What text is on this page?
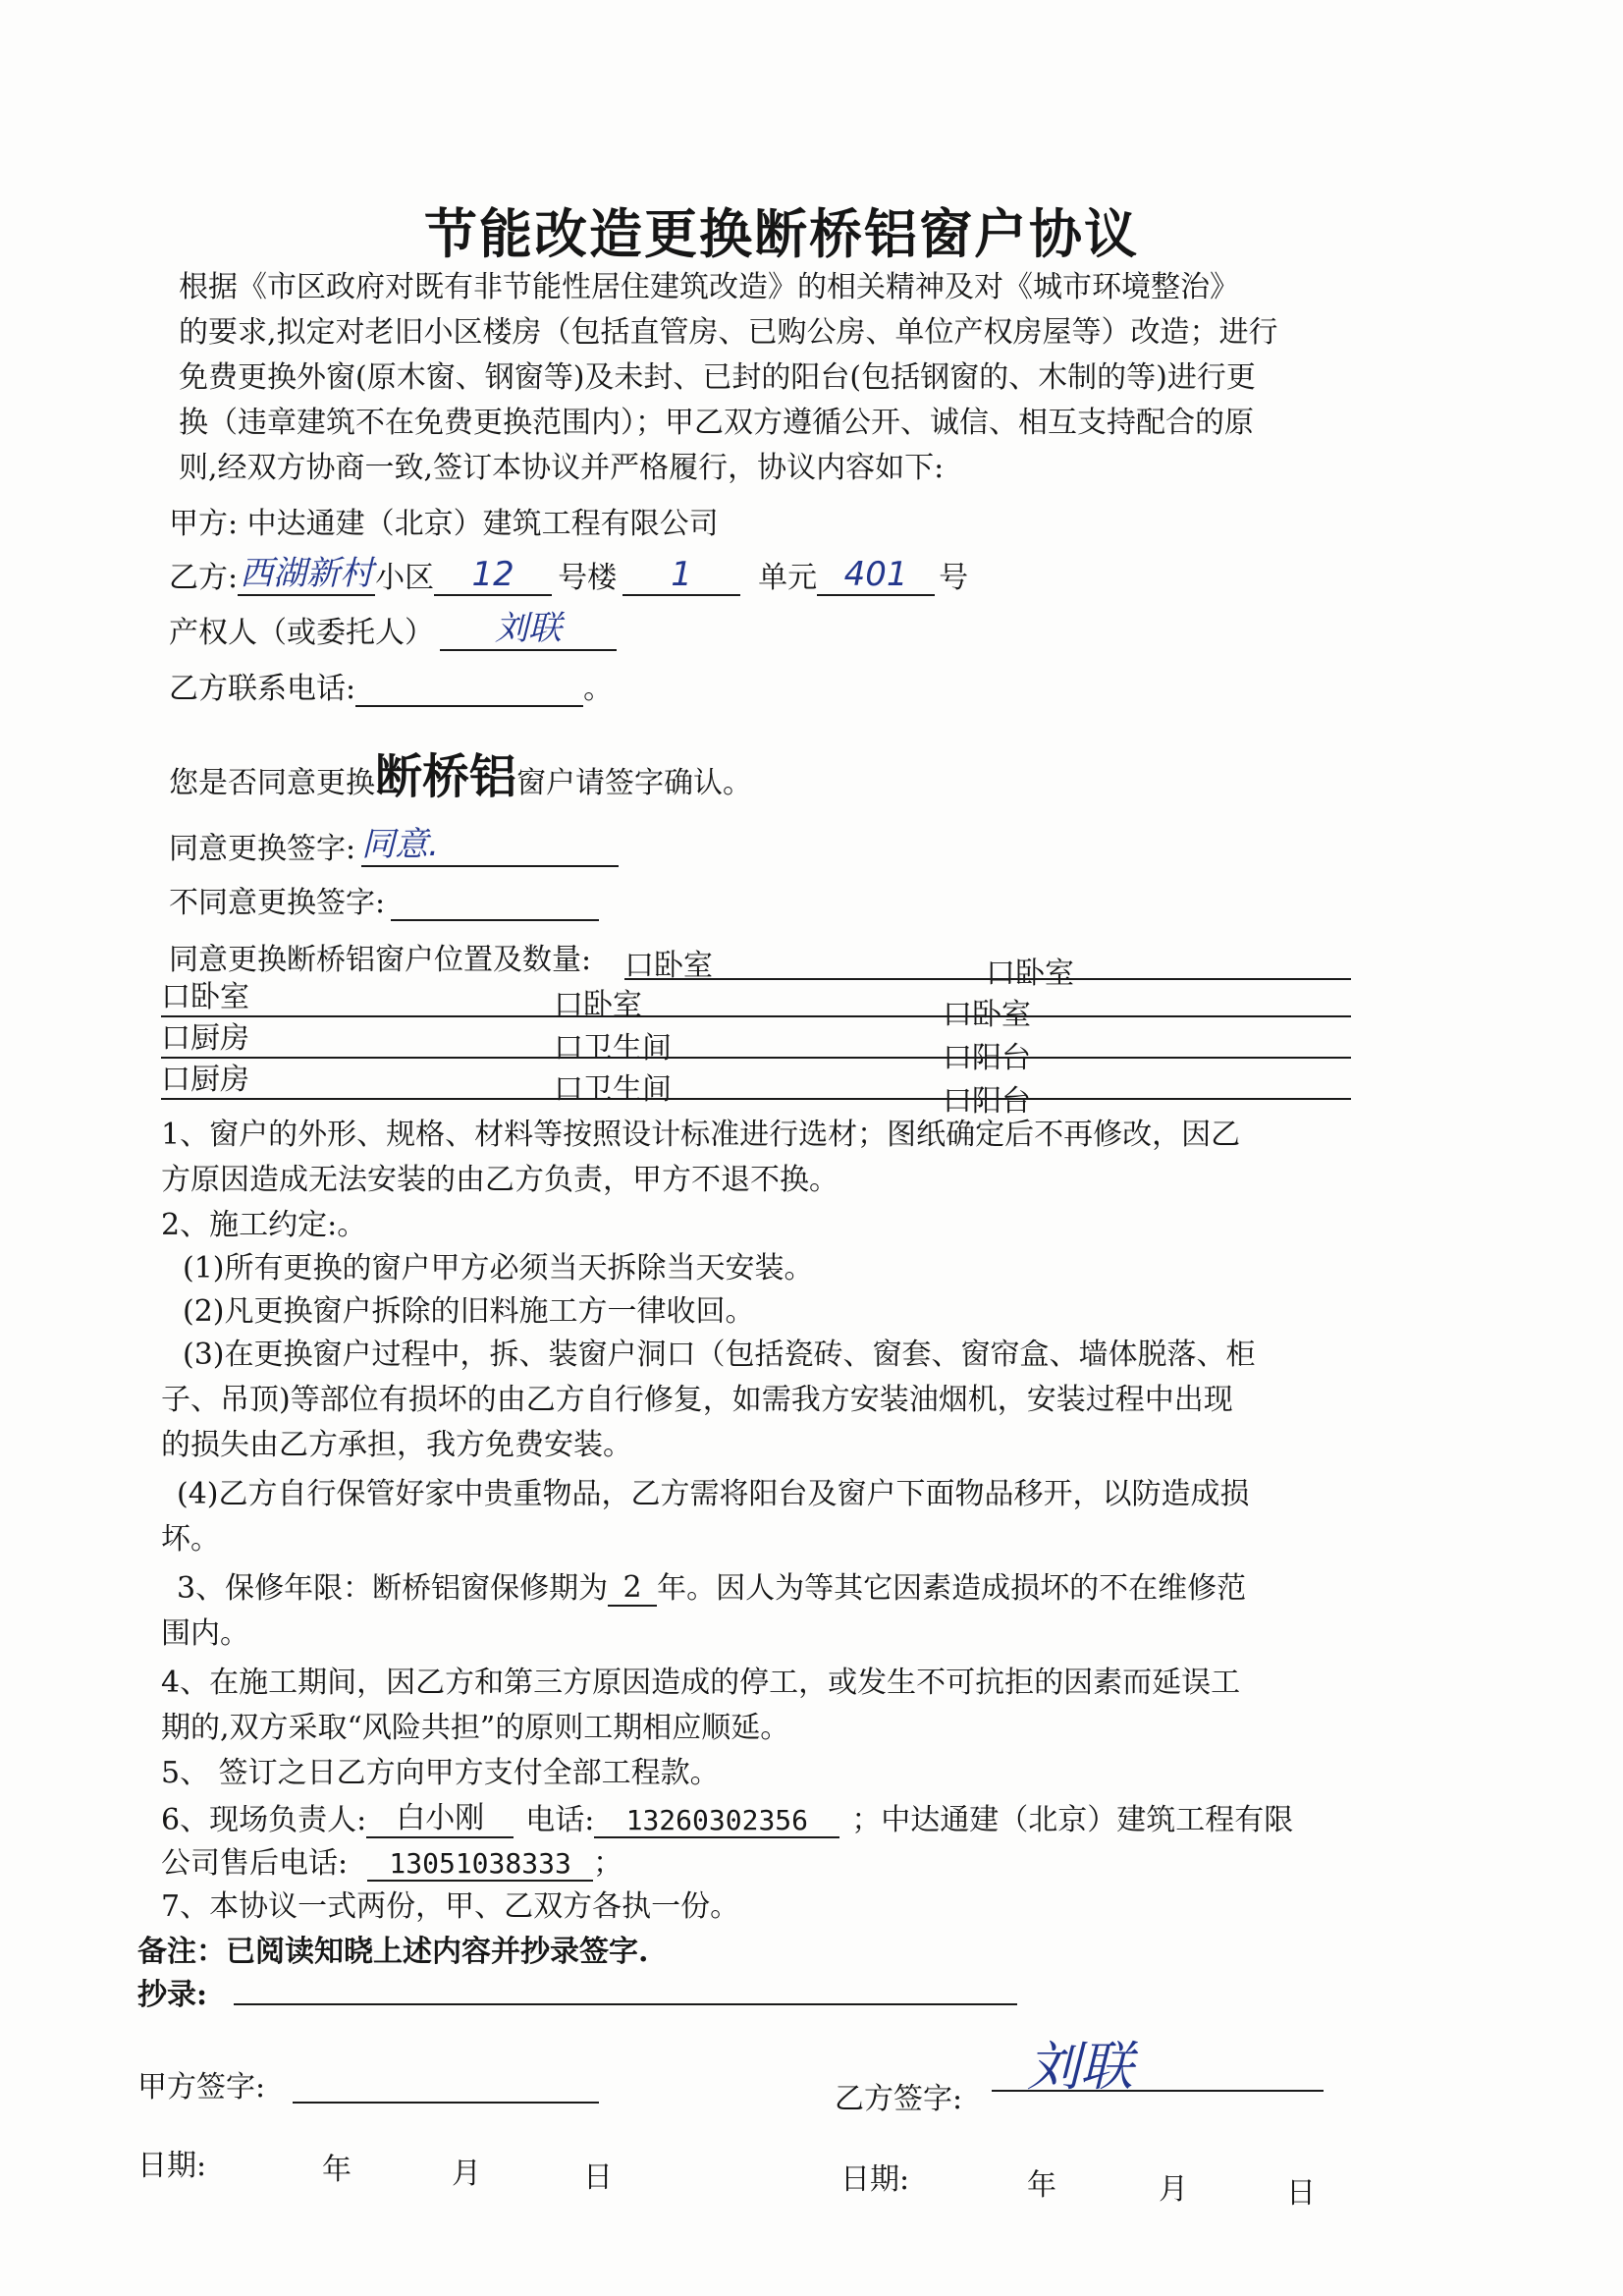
节能改造更换断桥铝窗户协议
根据《市区政府对既有非节能性居住建筑改造》的相关精神及对《城市环境整治》
的要求,拟定对老旧小区楼房（包括直管房、已购公房、单位产权房屋等）改造；进行
免费更换外窗(原木窗、钢窗等)及未封、已封的阳台(包括钢窗的、木制的等)进行更
换（违章建筑不在免费更换范围内）；甲乙双方遵循公开、诚信、相互支持配合的原
则,经双方协商一致,签订本协议并严格履行，协议内容如下:
甲方: 中达通建（北京）建筑工程有限公司
乙方:西湖新村小区 12 号楼 1 单元 401 号
产权人（或委托人） 刘联
乙方联系电话:	。
您是否同意更换断桥铝窗户请签字确认。
同意更换签字: 同意.
不同意更换签字:
同意更换断桥铝窗户位置及数量: 口卧室	口卧室
口卧室	口卧室	口卧室
口厨房	口卫生间	口阳台
口厨房	口卫生间	口阳台
1、窗户的外形、规格、材料等按照设计标准进行选材；图纸确定后不再修改，因乙
方原因造成无法安装的由乙方负责，甲方不退不换。
2、施工约定:。
(1)所有更换的窗户甲方必须当天拆除当天安装。
(2)凡更换窗户拆除的旧料施工方一律收回。
(3)在更换窗户过程中，拆、装窗户洞口（包括瓷砖、窗套、窗帘盒、墙体脱落、柜
子、吊顶)等部位有损坏的由乙方自行修复，如需我方安装油烟机，安装过程中出现
的损失由乙方承担，我方免费安装。
(4)乙方自行保管好家中贵重物品，乙方需将阳台及窗户下面物品移开，以防造成损
坏。
3、保修年限：断桥铝窗保修期为 2 年。因人为等其它因素造成损坏的不在维修范
围内。
4、在施工期间，因乙方和第三方原因造成的停工，或发生不可抗拒的因素而延误工
期的,双方采取“风险共担”的原则工期相应顺延。
5、 签订之日乙方向甲方支付全部工程款。
6、现场负责人: 白小刚 电话: 13260302356 ；中达通建（北京）建筑工程有限
公司售后电话: 13051038333 ；
7、本协议一式两份，甲、乙双方各执一份。
备注：已阅读知晓上述内容并抄录签字.
抄录:
甲方签字:
日期:	年	月	日
乙方签字:
刘联
日期:	年	月	日
